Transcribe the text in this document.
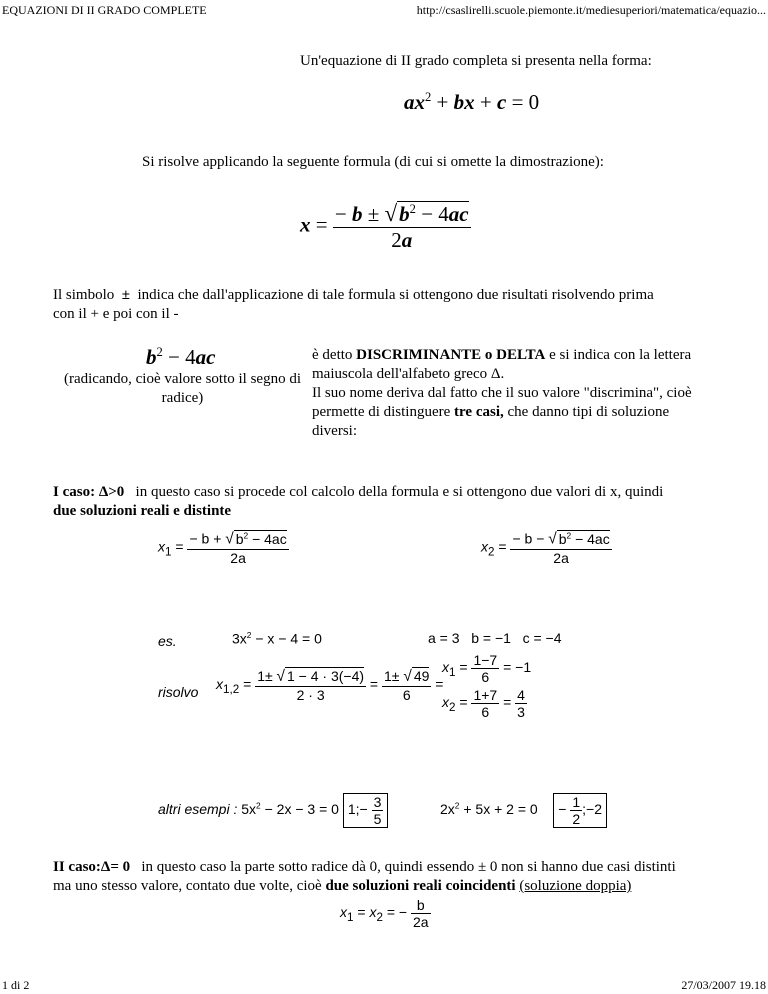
EQUAZIONI DI II GRADO COMPLETE	http://csaslirelli.scuole.piemonte.it/mediesuperiori/matematica/equazio...
Un'equazione di II grado completa si presenta nella forma:
$ax^2$ + bx + c = 0
Si risolve applicando la seguente formula (di cui si omette la dimostrazione):
$x = \frac{- b \pm √b^2 - 4ac}{2a}$
Il simbolo ± indica che dall'applicazione di tale formula si ottengono due risultati risolvendo prima
con il + e poi con il -
$b^2 - 4ac$
(radicando, cioè valore sotto il segno di radice)
è detto DISCRIMINANTE o DELTA e si indica con la lettera maiuscola dell'alfabeto greco Δ.
Il suo nome deriva dal fatto che il suo valore "discrimina", cioè permette di distinguere tre casi, che danno tipi di soluzione diversi:
I caso: Δ>0 in questo caso si procede col calcolo della formula e si ottengono due valori di x, quindi
due soluzioni reali e distinte
$x_1 = \frac{- b + √ b^2 - 4ac}{2a}$	$x_2 = \frac{- b - √ b^2 - 4ac}{2a}$
es.	$3x^2 - x - 4 = 0$	a = 3   b = −1   c = −4
risolvo $x_{1,2} = \frac{1\pm √ 1 - 4 \cdot 3(-4)}{2 \cdot 3} = \frac{1\pm √ 49}{6}$ =
$x_1 = \frac{1-7}{6} = -1$
$x_2 = \frac{1+7}{6} = \frac{4}{3}$
altri esempi : $5x^2 - 2x - 3 = 0$ 1;− $\frac{3}{5}$	$2x^2 + 5x + 2 = 0$    − $\frac{1}{2}$ ;−2
II caso:Δ= 0 in questo caso la parte sotto radice dà 0, quindi essendo ± 0 non si hanno due casi distinti
ma uno stesso valore, contato due volte, cioè due soluzioni reali coincidenti (soluzione doppia)
$x_1 = x_2$ = − $\frac{b}{2a}$
1 di 2	27/03/2007 19.18
